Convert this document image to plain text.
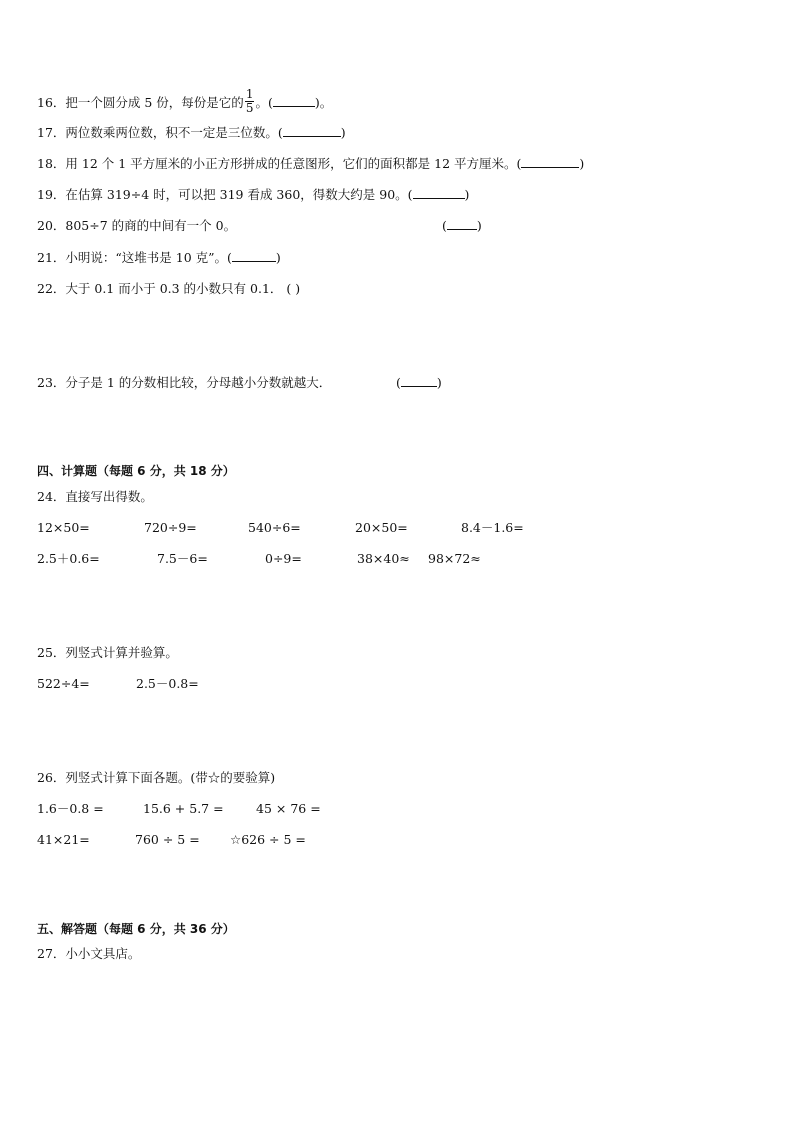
16．把一个圆分成 5 份，每份是它的 $\frac{1}{5}$ 。(	)。
17．两位数乘两位数，积不一定是三位数。(	)
18．用 12 个 1 平方厘米的小正方形拼成的任意图形，它们的面积都是 12 平方厘米。(	)
19．在估算 319÷4 时，可以把 319 看成 360，得数大约是 90。(	)
20．805÷7 的商的中间有一个 0。	( )
21．小明说：“这堆书是 10 克”。(	)
22．大于 0.1 而小于 0.3 的小数只有 0.1． ( )
23．分子是 1 的分数相比较，分母越小分数就越大．	(	)
四、计算题（每题 6 分，共 18 分）
24．直接写出得数。
12×50=	720÷9=	540÷6=	20×50=	8.4－1.6=
2.5＋0.6=	7.5－6=	0÷9=	38×40≈ 98×72≈
25．列竖式计算并验算。
522÷4=	2.5－0.8=
26．列竖式计算下面各题。(带☆的要验算)
1.6－0.8 =	15.6 + 5.7 =	45 × 76 =
41×21=	760 ÷ 5 = ☆626 ÷ 5 =
五、解答题（每题 6 分，共 36 分）
27．小小文具店。
